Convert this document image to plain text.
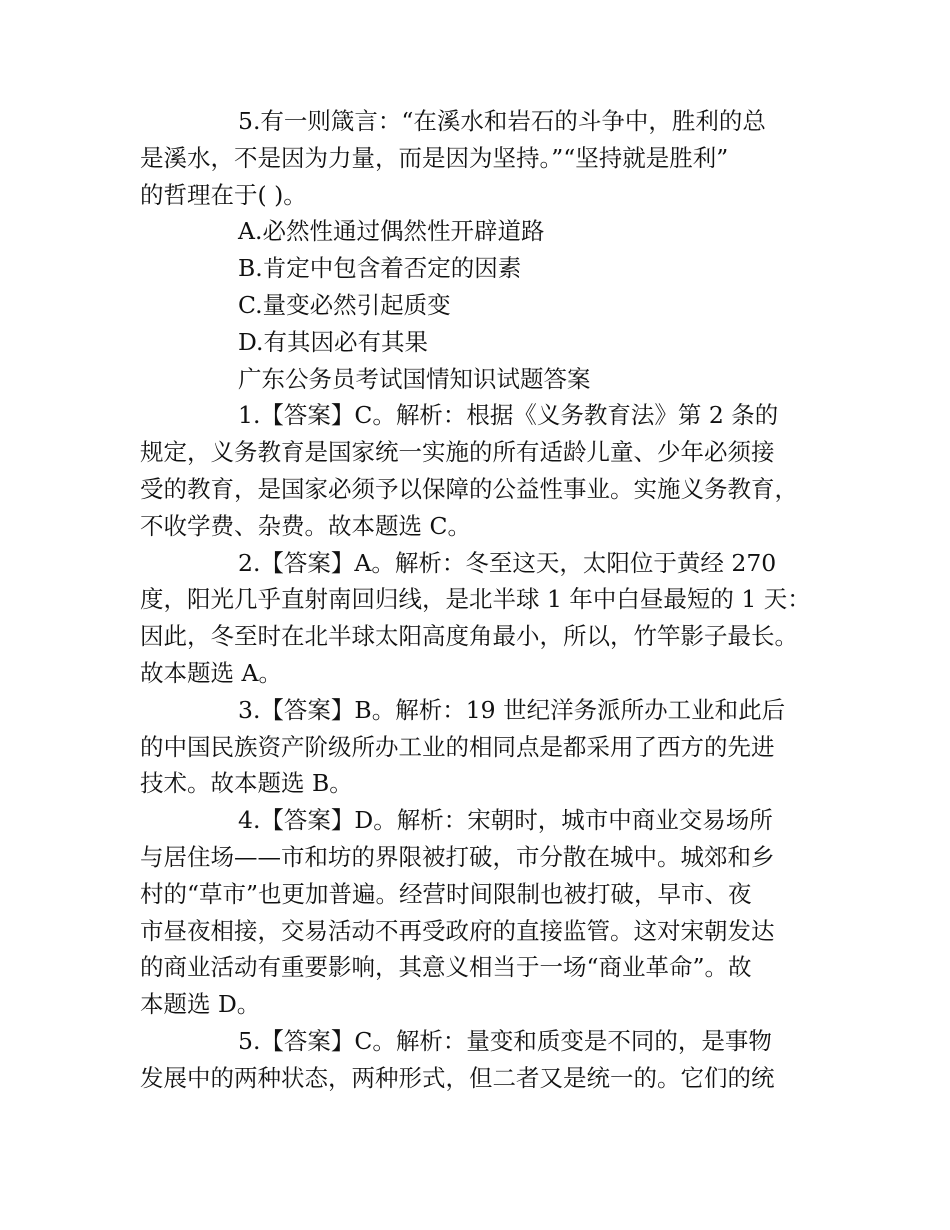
5.有一则箴言：“在溪水和岩石的斗争中，胜利的总
是溪水，不是因为力量，而是因为坚持。”“坚持就是胜利”
的哲理在于( )。
A.必然性通过偶然性开辟道路
B.肯定中包含着否定的因素
C.量变必然引起质变
D.有其因必有其果
广东公务员考试国情知识试题答案
1.【答案】C。解析：根据《义务教育法》第 2 条的
规定，义务教育是国家统一实施的所有适龄儿童、少年必须接
受的教育，是国家必须予以保障的公益性事业。实施义务教育，
不收学费、杂费。故本题选 C。
2.【答案】A。解析：冬至这天，太阳位于黄经 270
度，阳光几乎直射南回归线，是北半球 1 年中白昼最短的 1 天：
因此，冬至时在北半球太阳高度角最小，所以，竹竿影子最长。
故本题选 A。
3.【答案】B。解析：19 世纪洋务派所办工业和此后
的中国民族资产阶级所办工业的相同点是都采用了西方的先进
技术。故本题选 B。
4.【答案】D。解析：宋朝时，城市中商业交易场所
与居住场——市和坊的界限被打破，市分散在城中。城郊和乡
村的“草市”也更加普遍。经营时间限制也被打破，早市、夜
市昼夜相接，交易活动不再受政府的直接监管。这对宋朝发达
的商业活动有重要影响，其意义相当于一场“商业革命”。故
本题选 D。
5.【答案】C。解析：量变和质变是不同的，是事物
发展中的两种状态，两种形式，但二者又是统一的。它们的统
